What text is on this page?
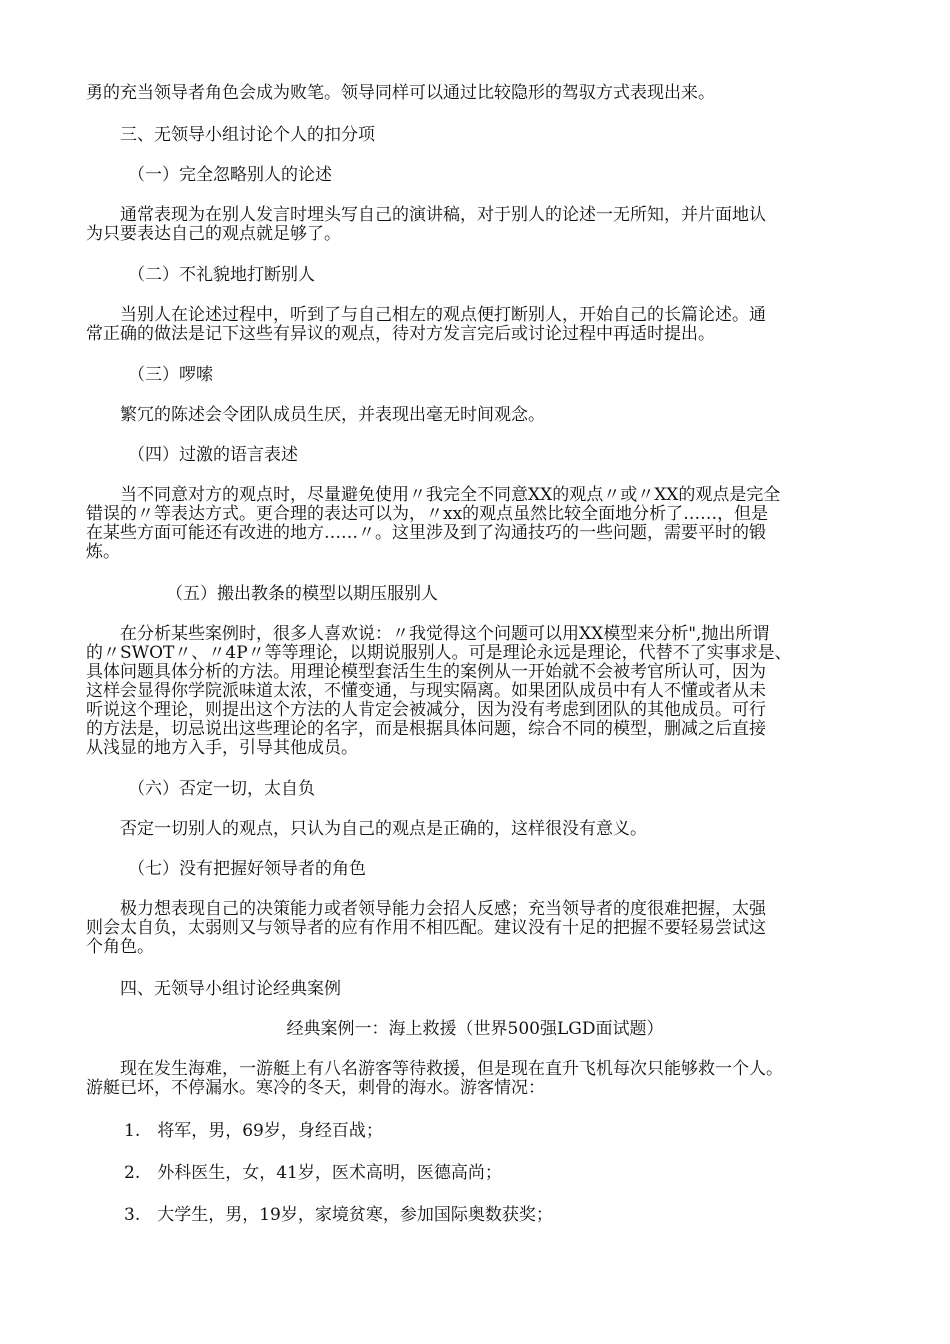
勇的充当领导者角色会成为败笔。领导同样可以通过比较隐形的驾驭方式表现出来。

三、无领导小组讨论个人的扣分项

（一）完全忽略别人的论述

通常表现为在别人发言时埋头写自己的演讲稿，对于别人的论述一无所知，并片面地认
为只要表达自己的观点就足够了。

（二）不礼貌地打断别人

当别人在论述过程中，听到了与自己相左的观点便打断别人，开始自己的长篇论述。通
常正确的做法是记下这些有异议的观点，待对方发言完后或讨论过程中再适时提出。

（三）啰嗦

繁冗的陈述会令团队成员生厌，并表现出毫无时间观念。

（四）过激的语言表述

当不同意对方的观点时，尽量避免使用〃我完全不同意XX的观点〃或〃XX的观点是完全
错误的〃等表达方式。更合理的表达可以为，〃xx的观点虽然比较全面地分析了……，但是
在某些方面可能还有改进的地方……〃。这里涉及到了沟通技巧的一些问题，需要平时的锻
炼。

（五）搬出教条的模型以期压服别人

在分析某些案例时，很多人喜欢说：〃我觉得这个问题可以用XX模型来分析",抛出所谓
的〃SWOT〃、〃4P〃等等理论，以期说服别人。可是理论永远是理论，代替不了实事求是、
具体问题具体分析的方法。用理论模型套活生生的案例从一开始就不会被考官所认可，因为
这样会显得你学院派味道太浓，不懂变通，与现实隔离。如果团队成员中有人不懂或者从未
听说这个理论，则提出这个方法的人肯定会被减分，因为没有考虑到团队的其他成员。可行
的方法是，切忌说出这些理论的名字，而是根据具体问题，综合不同的模型，删减之后直接
从浅显的地方入手，引导其他成员。

（六）否定一切，太自负

否定一切别人的观点，只认为自己的观点是正确的，这样很没有意义。

（七）没有把握好领导者的角色

极力想表现自己的决策能力或者领导能力会招人反感；充当领导者的度很难把握，太强
则会太自负，太弱则又与领导者的应有作用不相匹配。建议没有十足的把握不要轻易尝试这
个角色。

四、无领导小组讨论经典案例

经典案例一：海上救援（世界500强LGD面试题）

现在发生海难，一游艇上有八名游客等待救援，但是现在直升飞机每次只能够救一个人。
游艇已坏，不停漏水。寒冷的冬天，刺骨的海水。游客情况：

1.　将军，男，69岁，身经百战；

2.　外科医生，女，41岁，医术高明，医德高尚；

3.　大学生，男，19岁，家境贫寒，参加国际奥数获奖；
